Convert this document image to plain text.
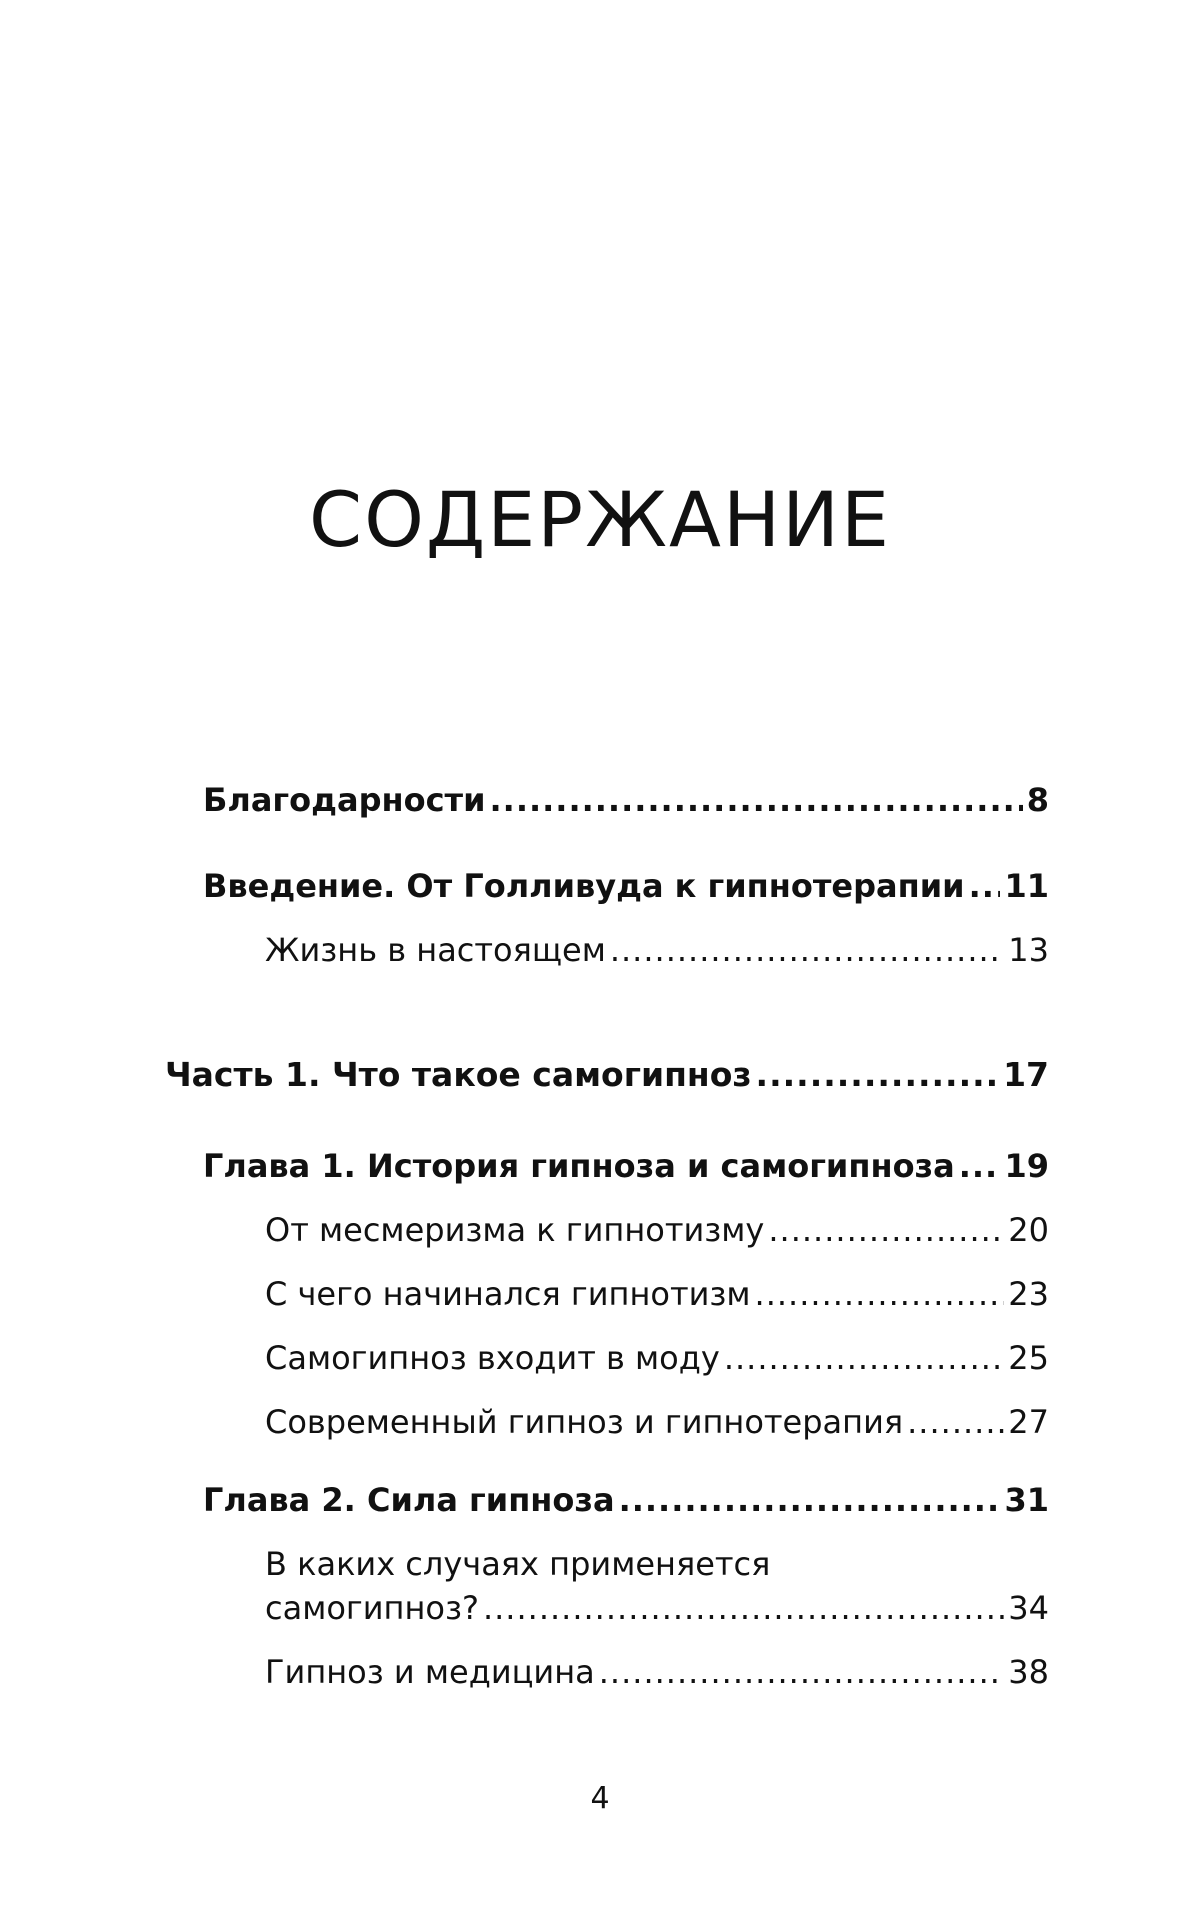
СОДЕРЖАНИЕ
Благодарности .....	8
Введение. От Голливуда к гипнотерапии ..... 11
Жизнь в настоящем .....	13
Часть 1. Что такое самогипноз .....	17
Глава 1. История гипноза и самогипноза ..... 19
От месмеризма к гипнотизму .....	20
С чего начинался гипнотизм .....	23
Самогипноз входит в моду .....	25
Современный гипноз и гипнотерапия .....	27
Глава 2. Сила гипноза .....	31
В каких случаях применяется
самогипноз? .....	34
Гипноз и медицина .....	38
4
